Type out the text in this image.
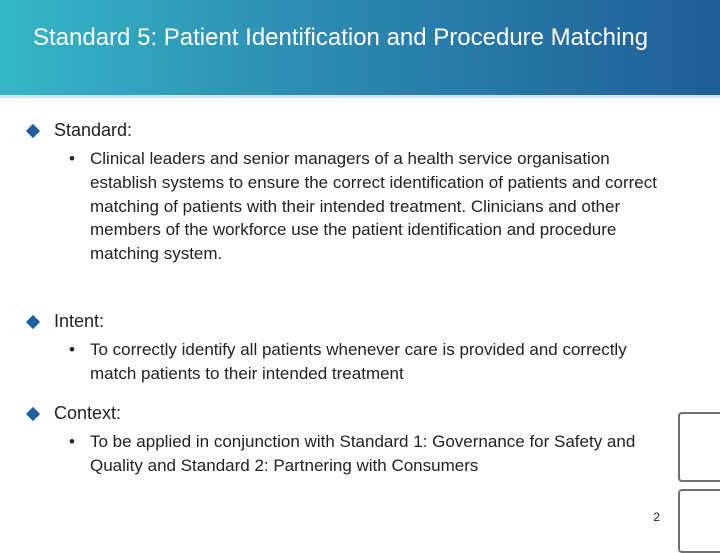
Standard 5: Patient Identification and Procedure Matching
Standard:
• Clinical leaders and senior managers of a health service organisation establish systems to ensure the correct identification of patients and correct matching of patients with their intended treatment. Clinicians and other members of the workforce use the patient identification and procedure matching system.
Intent:
• To correctly identify all patients whenever care is provided and correctly match patients to their intended treatment
Context:
• To be applied in conjunction with Standard 1: Governance for Safety and Quality and Standard 2: Partnering with Consumers
2
